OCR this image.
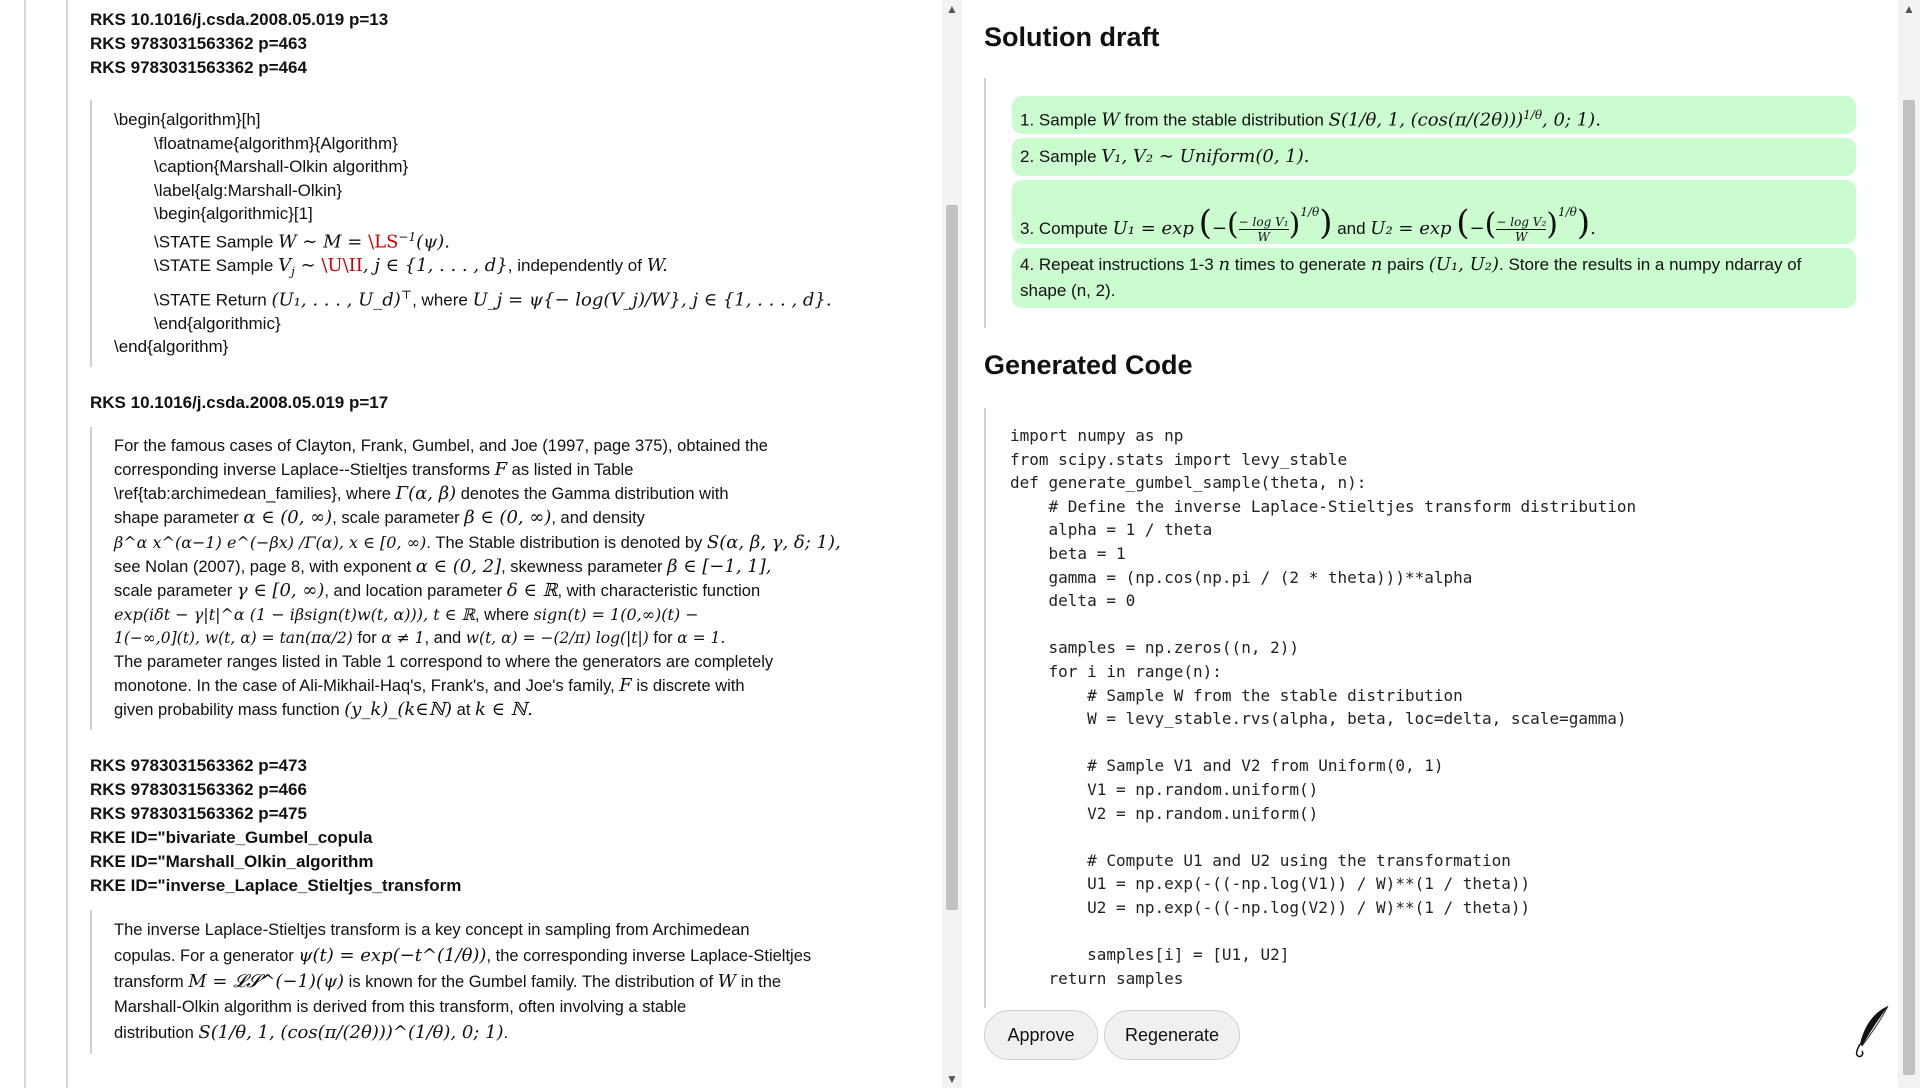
RKS 10.1016/j.csda.2008.05.019 p=13
RKS 9783031563362 p=463
RKS 9783031563362 p=464
\begin{algorithm}[h]
\floatname{algorithm}{Algorithm}
\caption{Marshall-Olkin algorithm}
\label{alg:Marshall-Olkin}
\begin{algorithmic}[1]
\STATE Sample W ∼ $M = \backslash LS^{-1}(\psi)$.
\STATE Sample $V_j$ ∼ \U\II, j ∈ {1, . . . , d}, independently of W.
\STATE Return (U₁, . . . , U_d)⊤, where U_j = ψ{− log(V_j)/W}, j ∈ {1, . . . , d}.
\end{algorithmic}
\end{algorithm}
RKS 10.1016/j.csda.2008.05.019 p=17
For the famous cases of Clayton, Frank, Gumbel, and Joe (1997, page 375), obtained the
corresponding inverse Laplace--Stieltjes transforms F as listed in Table
\ref{tab:archimedean_families}, where Γ(α, β) denotes the Gamma distribution with
shape parameter α ∈ (0, ∞), scale parameter β ∈ (0, ∞), and density
β^α x^(α−1) e^(−βx) /Γ(α), x ∈ [0, ∞). The Stable distribution is denoted by S(α, β, γ, δ; 1),
see Nolan (2007), page 8, with exponent α ∈ (0, 2], skewness parameter β ∈ [−1, 1],
scale parameter γ ∈ [0, ∞), and location parameter δ ∈ ℝ, with characteristic function
exp(iδt − γ|t|^α (1 − iβsign(t)w(t, α))), t ∈ ℝ, where sign(t) = 1(0,∞)(t) −
1(−∞,0](t), w(t, α) = tan(πα/2) for α ≠ 1, and w(t, α) = −(2/π) log(|t|) for α = 1.
The parameter ranges listed in Table 1 correspond to where the generators are completely
monotone. In the case of Ali-Mikhail-Haq's, Frank's, and Joe's family, F is discrete with
given probability mass function (y_k)_(k∈ℕ) at k ∈ ℕ.
RKS 9783031563362 p=473
RKS 9783031563362 p=466
RKS 9783031563362 p=475
RKE ID="bivariate_Gumbel_copula
RKE ID="Marshall_Olkin_algorithm
RKE ID="inverse_Laplace_Stieltjes_transform
The inverse Laplace-Stieltjes transform is a key concept in sampling from Archimedean
copulas. For a generator ψ(t) = exp(−t^(1/θ)), the corresponding inverse Laplace-Stieltjes
transform M = 𝓛𝓢^(−1)(ψ) is known for the Gumbel family. The distribution of W in the
Marshall-Olkin algorithm is derived from this transform, often involving a stable
distribution S(1/θ, 1, (cos(π/(2θ)))^(1/θ), 0; 1).
▲
▼
Solution draft
1. Sample W from the stable distribution S(1/θ, 1, $(\cos(\pi/(2\theta)))^{1/\theta}$, 0; 1).
2. Sample V₁, V₂ ∼ Uniform(0, 1).
3. Compute U₁ = exp (−( $\frac{\text{− log V₁}}{W} )^{1/\theta}$) and U₂ = exp (−( $\frac{\text{− log V₂}}{W} )^{1/\theta}$).
4. Repeat instructions 1-3 n times to generate n pairs (U₁, U₂). Store the results in a numpy ndarray of
shape (n, 2).
Generated Code
import numpy as np
from scipy.stats import levy_stable
def generate_gumbel_sample(theta, n):
# Define the inverse Laplace-Stieltjes transform distribution
alpha = 1 / theta
beta = 1
gamma = (np.cos(np.pi / (2 * theta)))**alpha
delta = 0

samples = np.zeros((n, 2))
for i in range(n):
# Sample W from the stable distribution
W = levy_stable.rvs(alpha, beta, loc=delta, scale=gamma)

# Sample V1 and V2 from Uniform(0, 1)
V1 = np.random.uniform()
V2 = np.random.uniform()

# Compute U1 and U2 using the transformation
U1 = np.exp(-((-np.log(V1)) / W)**(1 / theta))
U2 = np.exp(-((-np.log(V2)) / W)**(1 / theta))

samples[i] = [U1, U2]
return samples
Approve	Regenerate
▲
